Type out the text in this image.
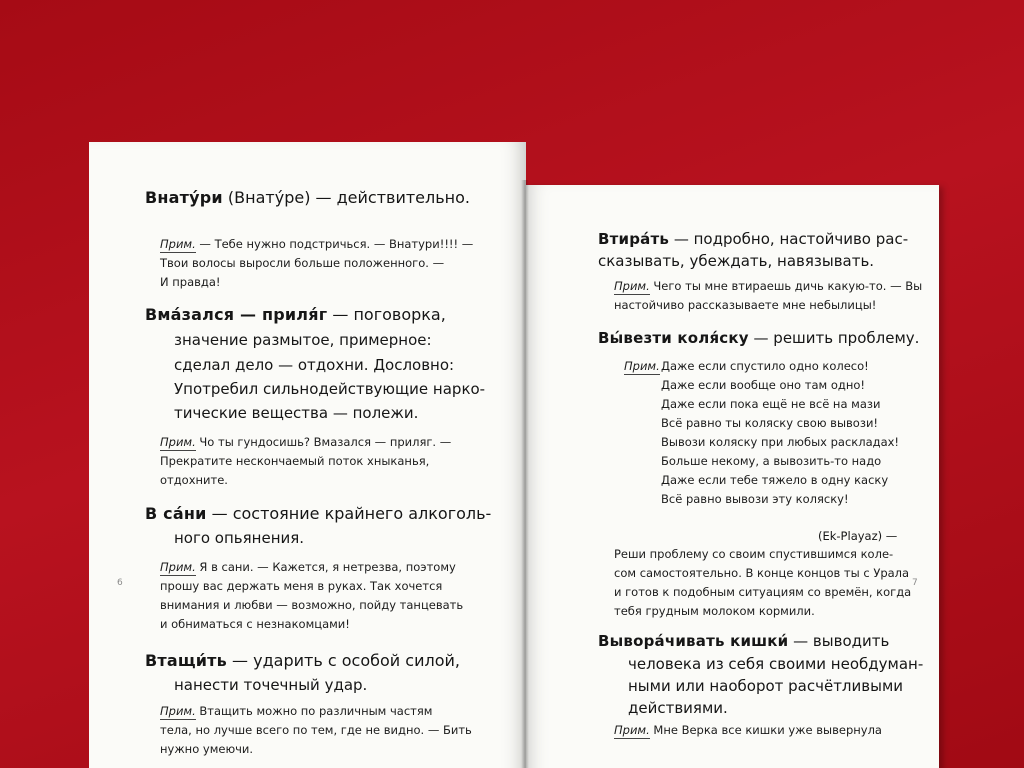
6

Внату́ри (Внату́ре) — действительно.

Прим. — Тебе нужно подстричься. — Внатури!!!! —

Твои волосы выросли больше положенного. —

И правда!

Вма́зался — приля́г — поговорка,

значение размытое, примерное:

сделал дело — отдохни. Дословно:

Употребил сильнодействующие нарко-

тические вещества — полежи.

Прим. Чо ты гундосишь? Вмазался — приляг. —

Прекратите нескончаемый поток хныканья,

отдохните.

В са́ни — состояние крайнего алкоголь-

ного опьянения.

Прим. Я в сани. — Кажется, я нетрезва, поэтому

прошу вас держать меня в руках. Так хочется

внимания и любви — возможно, пойду танцевать

и обниматься с незнакомцами!

Втащи́ть — ударить с особой силой,

нанести точечный удар.

Прим. Втащить можно по различным частям

тела, но лучше всего по тем, где не видно. — Бить

нужно умеючи.

7

Втира́ть — подробно, настойчиво рас-

сказывать, убеждать, навязывать.

Прим. Чего ты мне втираешь дичь какую-то. — Вы

настойчиво рассказываете мне небылицы!

Вы́везти коля́ску — решить проблему.

Прим. Даже если спустило одно колесо!

Даже если вообще оно там одно!

Даже если пока ещё не всё на мази

Всё равно ты коляску свою вывози!

Вывози коляску при любых раскладах!

Больше некому, а вывозить-то надо

Даже если тебе тяжело в одну каску

Всё равно вывози эту коляску!

(Ek-Playaz) —

Реши проблему со своим спустившимся коле-

сом самостоятельно. В конце концов ты с Урала

и готов к подобным ситуациям со времён, когда

тебя грудным молоком кормили.

Вывора́чивать кишки́ — выводить

человека из себя своими необдуман-

ными или наоборот расчётливыми

действиями.

Прим. Мне Верка все кишки уже вывернула
